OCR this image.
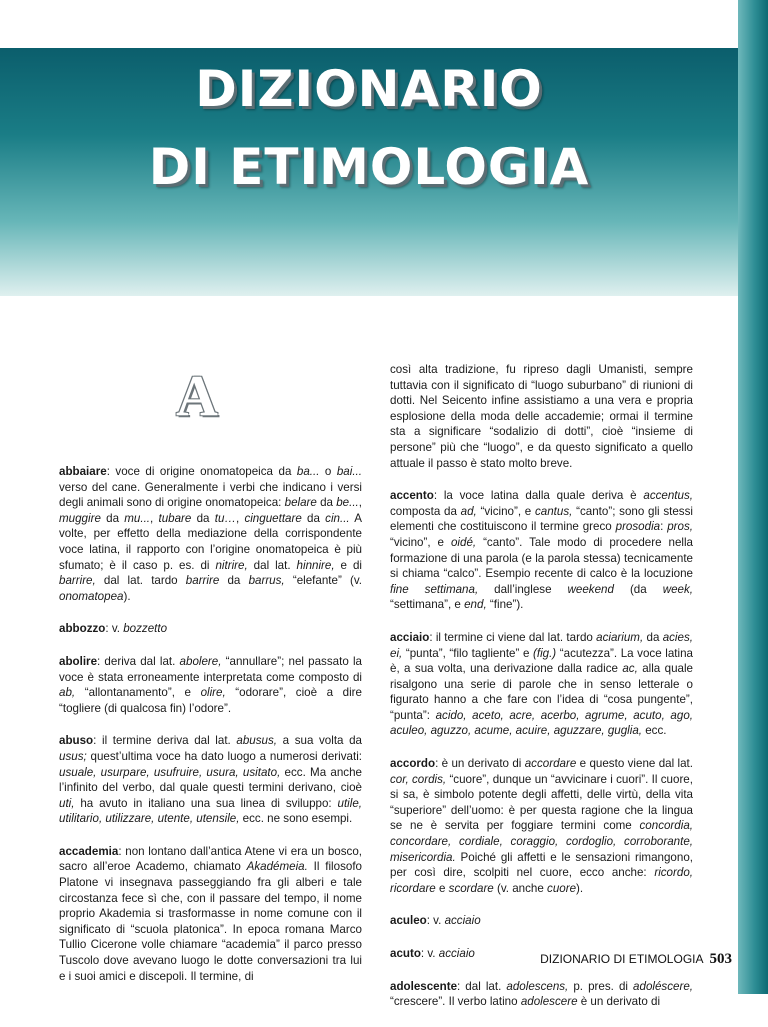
DIZIONARIO
DI ETIMOLOGIA
A

abbaiare: voce di origine onomatopeica da ba... o bai... verso del cane. Generalmente i verbi che indicano i versi degli animali sono di origine onomatopeica: belare da be..., muggire da mu..., tubare da tu…, cinguettare da cin... A volte, per effetto della mediazione della corrispondente voce latina, il rapporto con l’origine onomatopeica è più sfumato; è il caso p. es. di nitrire, dal lat. hinnire, e di barrire, dal lat. tardo barrire da barrus, “elefante” (v. onomatopea).

abbozzo: v. bozzetto

abolire: deriva dal lat. abolere, “annullare”; nel passato la voce è stata erroneamente interpretata come composto di ab, “allontanamento”, e olire, “odorare”, cioè a dire “togliere (di qualcosa fin) l’odore”.

abuso: il termine deriva dal lat. abusus, a sua volta da usus; quest’ultima voce ha dato luogo a numerosi derivati: usuale, usurpare, usufruire, usura, usitato, ecc. Ma anche l’infinito del verbo, dal quale questi termini derivano, cioè uti, ha avuto in italiano una sua linea di sviluppo: utile, utilitario, utilizzare, utente, utensile, ecc. ne sono esempi.

accademia: non lontano dall’antica Atene vi era un bosco, sacro all’eroe Academo, chiamato Akadémeia. Il filosofo Platone vi insegnava passeggiando fra gli alberi e tale circostanza fece sì che, con il passare del tempo, il nome proprio Akademia si trasformasse in nome comune con il significato di “scuola platonica”. In epoca romana Marco Tullio Cicerone volle chiamare “academia” il parco presso Tuscolo dove avevano luogo le dotte conversazioni tra lui e i suoi amici e discepoli. Il termine, di

così alta tradizione, fu ripreso dagli Umanisti, sempre tuttavia con il significato di “luogo suburbano” di riunioni di dotti. Nel Seicento infine assistiamo a una vera e propria esplosione della moda delle accademie; ormai il termine sta a significare “sodalizio di dotti”, cioè “insieme di persone” più che “luogo”, e da questo significato a quello attuale il passo è stato molto breve.

accento: la voce latina dalla quale deriva è accentus, composta da ad, “vicino”, e cantus, “canto”; sono gli stessi elementi che costituiscono il termine greco prosodia: pros, “vicino”, e oidé, “canto”. Tale modo di procedere nella formazione di una parola (e la parola stessa) tecnicamente si chiama “calco”. Esempio recente di calco è la locuzione fine settimana, dall’inglese weekend (da week, “settimana”, e end, “fine”).

acciaio: il termine ci viene dal lat. tardo aciarium, da acies, ei, “punta”, “filo tagliente” e (fig.) “acutezza”. La voce latina è, a sua volta, una derivazione dalla radice ac, alla quale risalgono una serie di parole che in senso letterale o figurato hanno a che fare con l’idea di “cosa pungente”, “punta”: acido, aceto, acre, acerbo, agrume, acuto, ago, aculeo, aguzzo, acume, acuire, aguzzare, guglia, ecc.

accordo: è un derivato di accordare e questo viene dal lat. cor, cordis, “cuore”, dunque un “avvicinare i cuori”. Il cuore, si sa, è simbolo potente degli affetti, delle virtù, della vita “superiore” dell’uomo: è per questa ragione che la lingua se ne è servita per foggiare termini come concordia, concordare, cordiale, coraggio, cordoglio, corroborante, misericordia. Poiché gli affetti e le sensazioni rimangono, per così dire, scolpiti nel cuore, ecco anche: ricordo, ricordare e scordare (v. anche cuore).

aculeo: v. acciaio

acuto: v. acciaio

adolescente: dal lat. adolescens, p. pres. di adoléscere, “crescere”. Il verbo latino adolescere è un derivato di

DIZIONARIO DI ETIMOLOGIA 503
